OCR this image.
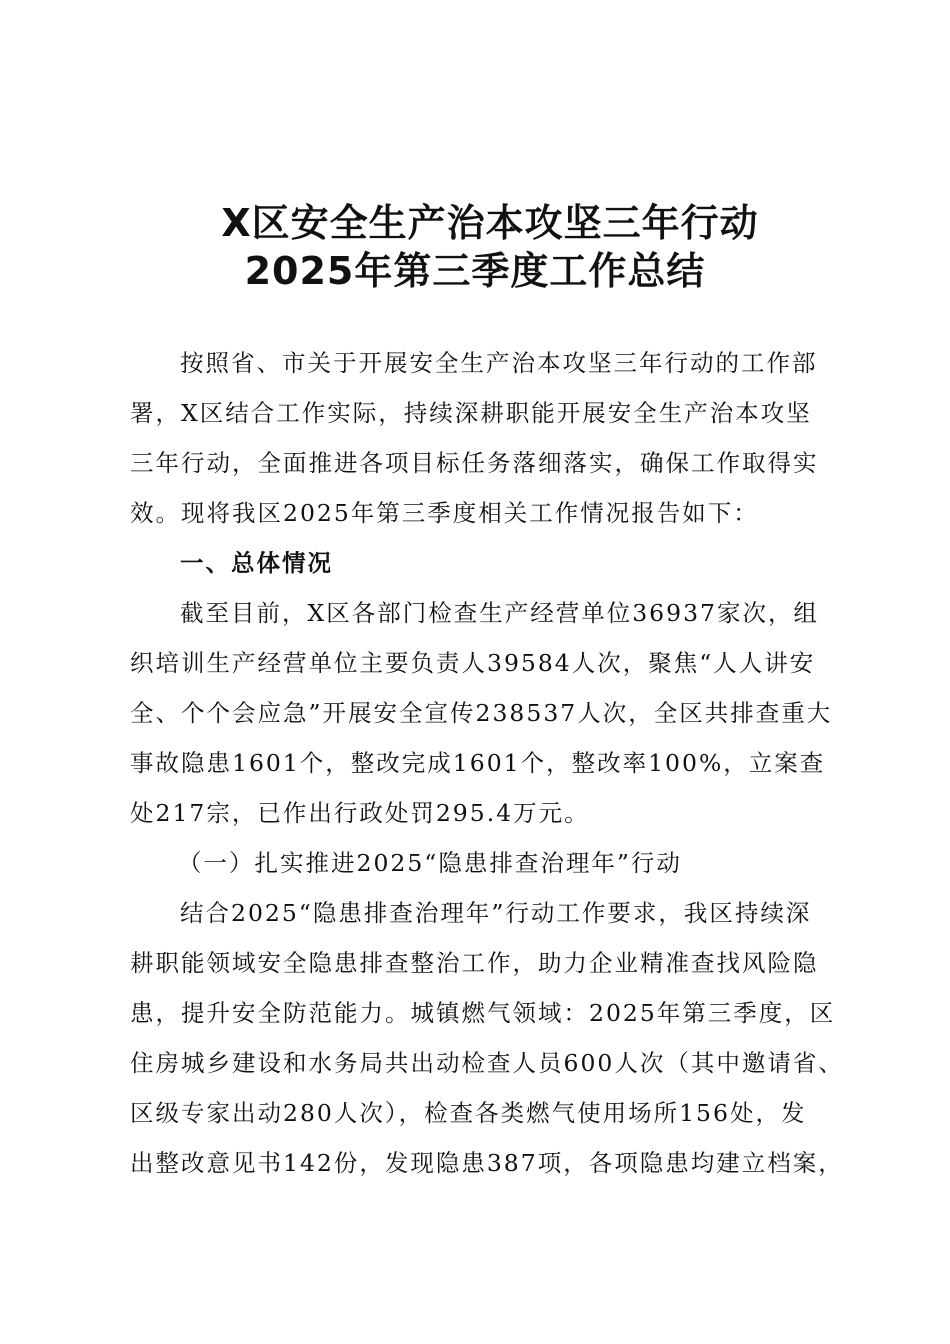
X区安全生产治本攻坚三年行动
2025年第三季度工作总结
按照省、市关于开展安全生产治本攻坚三年行动的工作部
署，X区结合工作实际，持续深耕职能开展安全生产治本攻坚
三年行动，全面推进各项目标任务落细落实，确保工作取得实
效。现将我区2025年第三季度相关工作情况报告如下：
一、总体情况
截至目前，X区各部门检查生产经营单位36937家次，组
织培训生产经营单位主要负责人39584人次，聚焦“人人讲安
全、个个会应急”开展安全宣传238537人次，全区共排查重大
事故隐患1601个，整改完成1601个，整改率100%，立案查
处217宗，已作出行政处罚295.4万元。
（一）扎实推进2025“隐患排查治理年”行动
结合2025“隐患排查治理年”行动工作要求，我区持续深
耕职能领域安全隐患排查整治工作，助力企业精准查找风险隐
患，提升安全防范能力。城镇燃气领域：2025年第三季度，区
住房城乡建设和水务局共出动检查人员600人次（其中邀请省、
区级专家出动280人次），检查各类燃气使用场所156处，发
出整改意见书142份，发现隐患387项，各项隐患均建立档案，
